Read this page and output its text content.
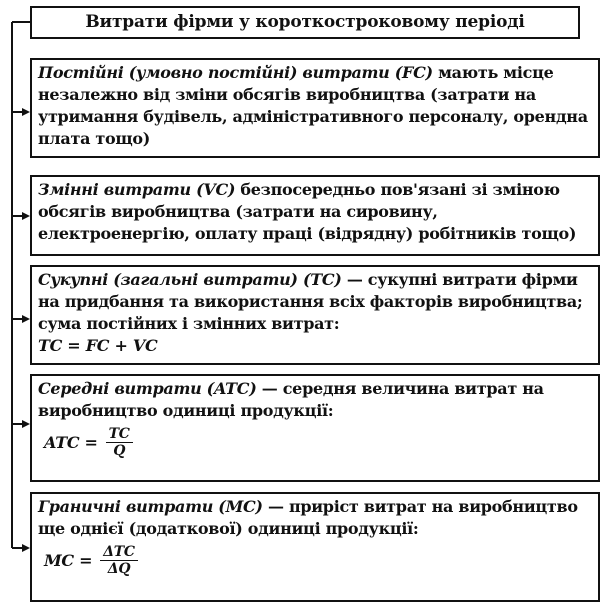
Витрати фірми у короткостроковому періоді
Постійні (умовно постійні) витрати (FC) мають місце незалежно від зміни обсягів виробництва (затрати на утримання будівель, адміністративного персоналу, орендна плата тощо)
Змінні витрати (VC) безпосередньо пов'язані зі зміною обсягів виробництва (затрати на сировину, електроенергію, оплату праці (відрядну) робітників тощо)
Сукупні (загальні витрати) (TC) — сукупні витрати фірми на придбання та використання всіх факторів виробництва; сума постійних і змінних витрат:
TC = FC + VC
Середні витрати (ATC) — середня величина витрат на виробництво одиниці продукції:
ATC = $\frac{TC}{Q}$
Граничні витрати (MC) — приріст витрат на виробництво ще однієї (додаткової) одиниці продукції:
MC = $\frac{\text{ΔTC}}{\Delta Q}$
